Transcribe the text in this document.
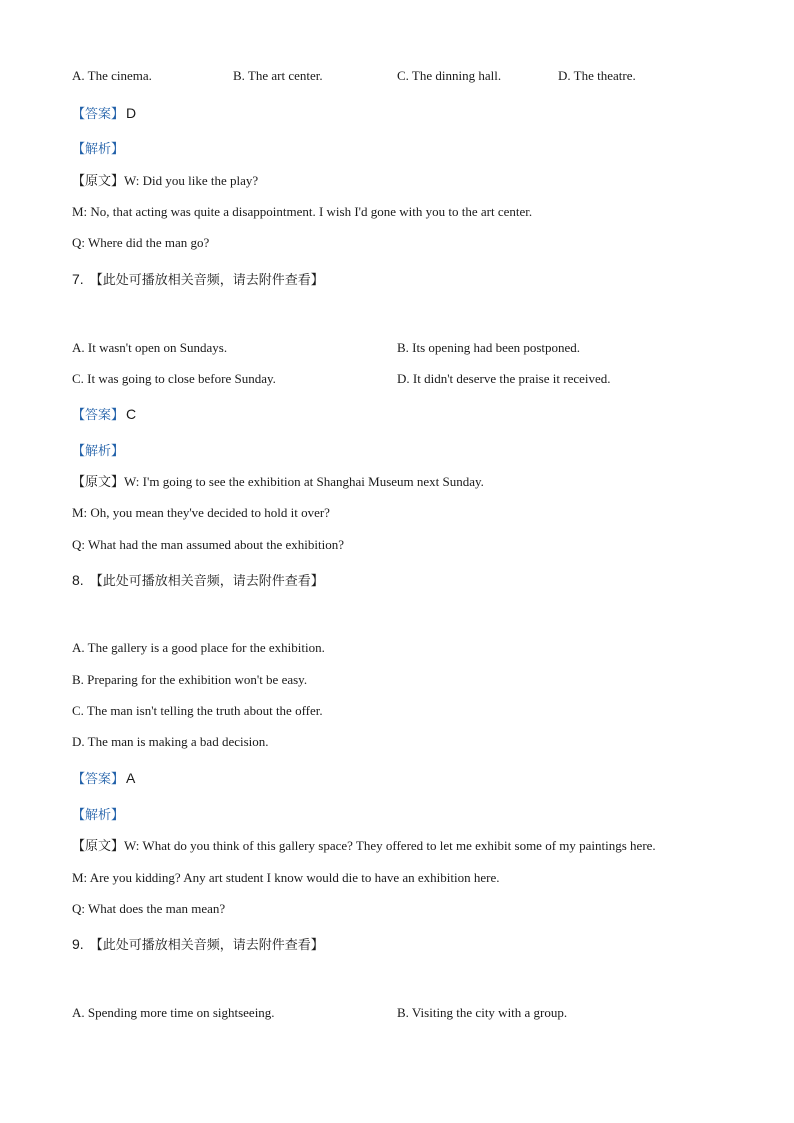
A. The cinema.	B. The art center.	C. The dinning hall.	D. The theatre.
【答案】 D
【解析】
【原文】W: Did you like the play?
M: No, that acting was quite a disappointment. I wish I'd gone with you to the art center.
Q: Where did the man go?
7. 【此处可播放相关音频，请去附件查看】
A. It wasn't open on Sundays.	B. Its opening had been postponed.
C. It was going to close before Sunday.	D. It didn't deserve the praise it received.
【答案】 C
【解析】
【原文】W: I'm going to see the exhibition at Shanghai Museum next Sunday.
M: Oh, you mean they've decided to hold it over?
Q: What had the man assumed about the exhibition?
8. 【此处可播放相关音频，请去附件查看】
A. The gallery is a good place for the exhibition.
B. Preparing for the exhibition won't be easy.
C. The man isn't telling the truth about the offer.
D. The man is making a bad decision.
【答案】 A
【解析】
【原文】W: What do you think of this gallery space? They offered to let me exhibit some of my paintings here.
M: Are you kidding? Any art student I know would die to have an exhibition here.
Q: What does the man mean?
9. 【此处可播放相关音频，请去附件查看】
A. Spending more time on sightseeing.	B. Visiting the city with a group.
